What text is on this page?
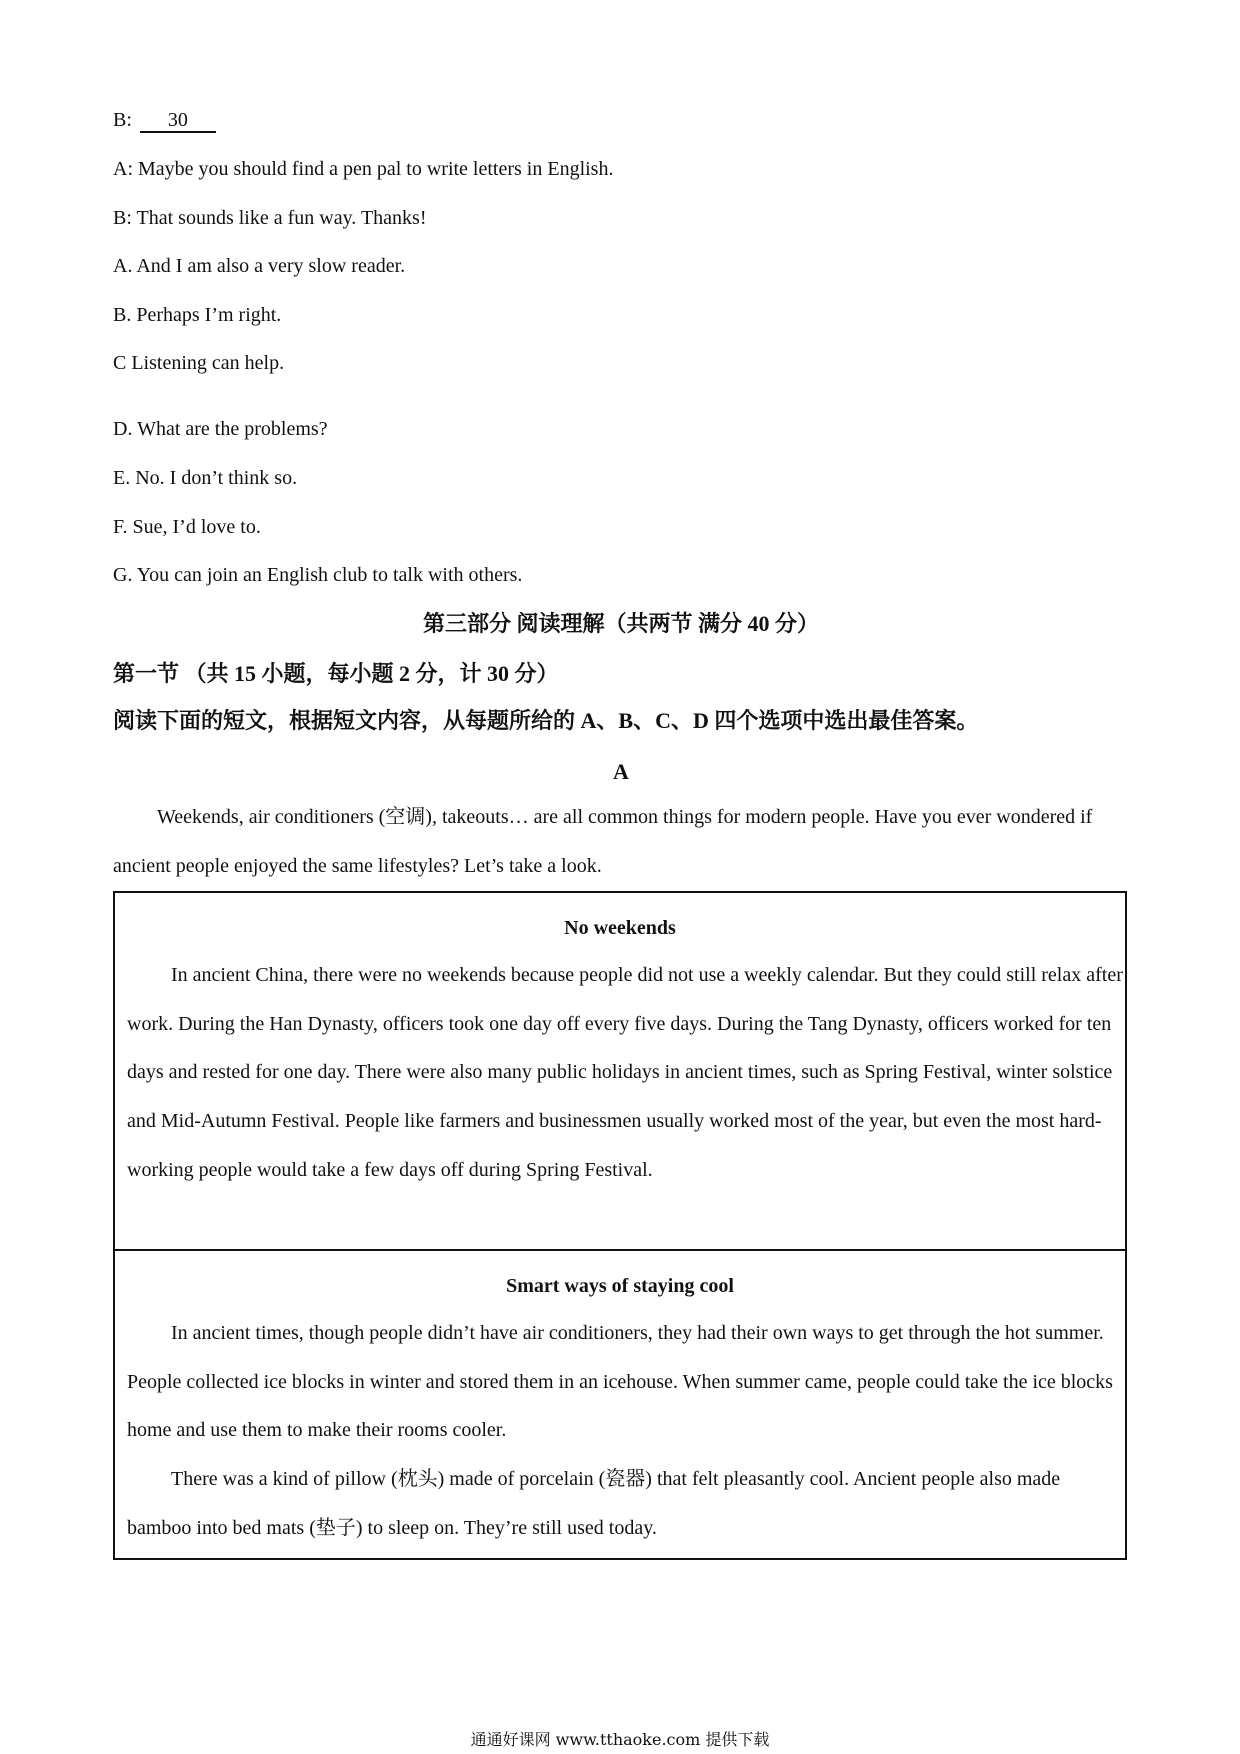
B: 30
A: Maybe you should find a pen pal to write letters in English.
B: That sounds like a fun way. Thanks!
A. And I am also a very slow reader.
B. Perhaps I’m right.
C Listening can help.
D. What are the problems?
E. No. I don’t think so.
F. Sue, I’d love to.
G. You can join an English club to talk with others.
第三部分 阅读理解（共两节 满分 40 分）
第一节 （共 15 小题，每小题 2 分，计 30 分）
阅读下面的短文，根据短文内容，从每题所给的 A、B、C、D 四个选项中选出最佳答案。
A
Weekends, air conditioners (空调), takeouts… are all common things for modern people. Have you ever wondered if ancient people enjoyed the same lifestyles? Let’s take a look.
No weekends
In ancient China, there were no weekends because people did not use a weekly calendar. But they could still relax after work. During the Han Dynasty, officers took one day off every five days. During the Tang Dynasty, officers worked for ten days and rested for one day. There were also many public holidays in ancient times, such as Spring Festival, winter solstice and Mid-Autumn Festival. People like farmers and businessmen usually worked most of the year, but even the most hard-working people would take a few days off during Spring Festival.
Smart ways of staying cool
In ancient times, though people didn’t have air conditioners, they had their own ways to get through the hot summer. People collected ice blocks in winter and stored them in an icehouse. When summer came, people could take the ice blocks home and use them to make their rooms cooler.
There was a kind of pillow (枕头) made of porcelain (瓷器) that felt pleasantly cool. Ancient people also made bamboo into bed mats (垫子) to sleep on. They’re still used today.
通通好课网 www.tthaoke.com 提供下载
